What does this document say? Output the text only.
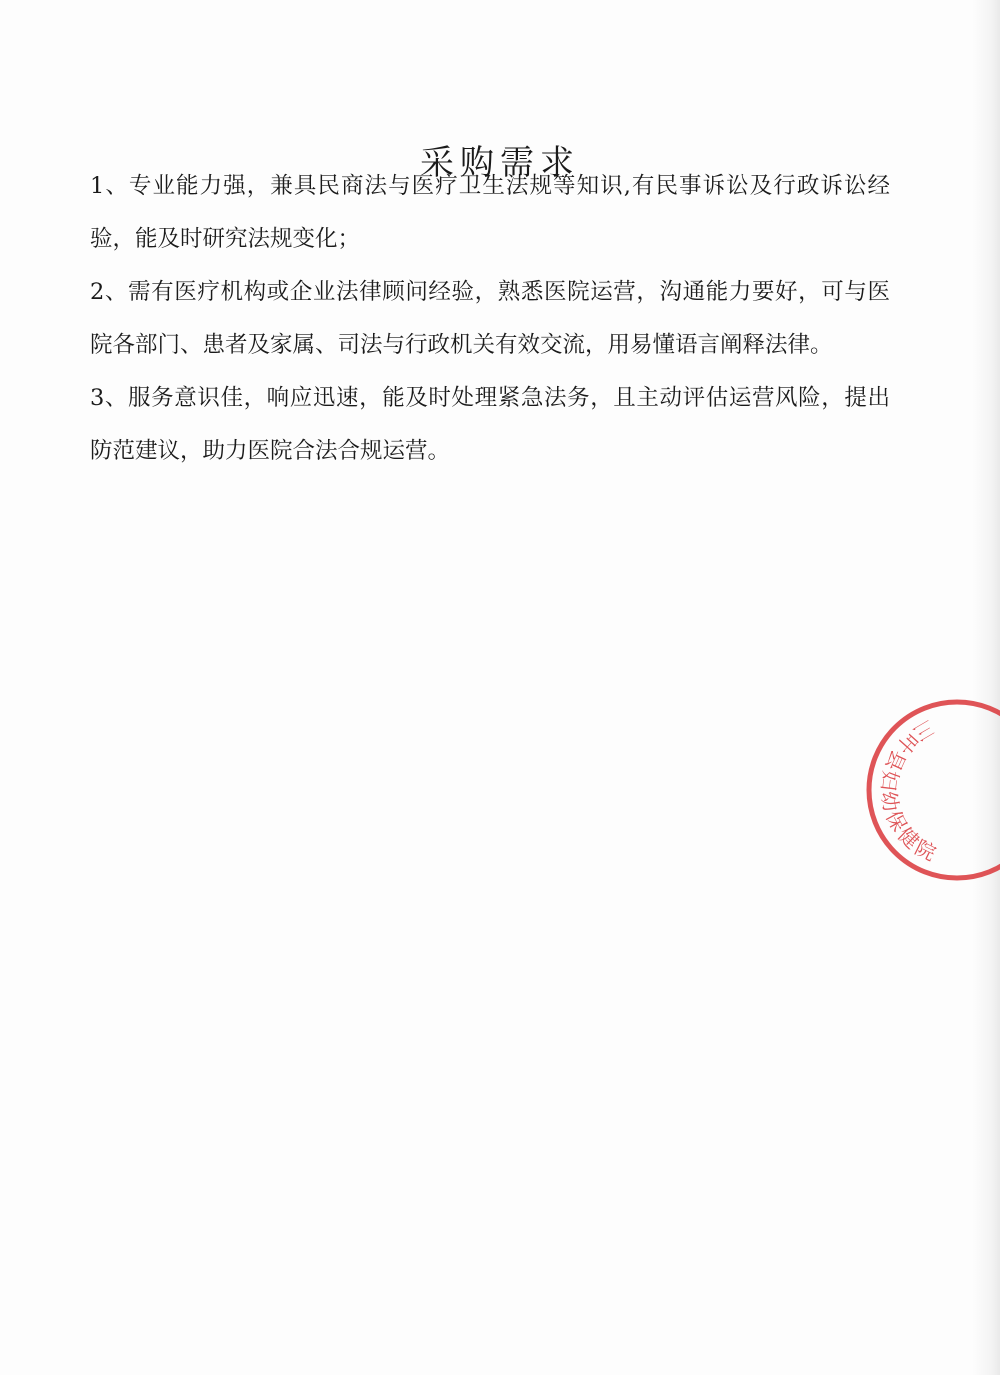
采购需求

1、专业能力强，兼具民商法与医疗卫生法规等知识,有民事诉讼及行政诉讼经验，能及时研究法规变化；

2、需有医疗机构或企业法律顾问经验，熟悉医院运营，沟通能力要好，可与医院各部门、患者及家属、司法与行政机关有效交流，用易懂语言阐释法律。

3、服务意识佳，响应迅速，能及时处理紧急法务，且主动评估运营风险，提出防范建议，助力医院合法合规运营。

三叶县妇幼保健院
